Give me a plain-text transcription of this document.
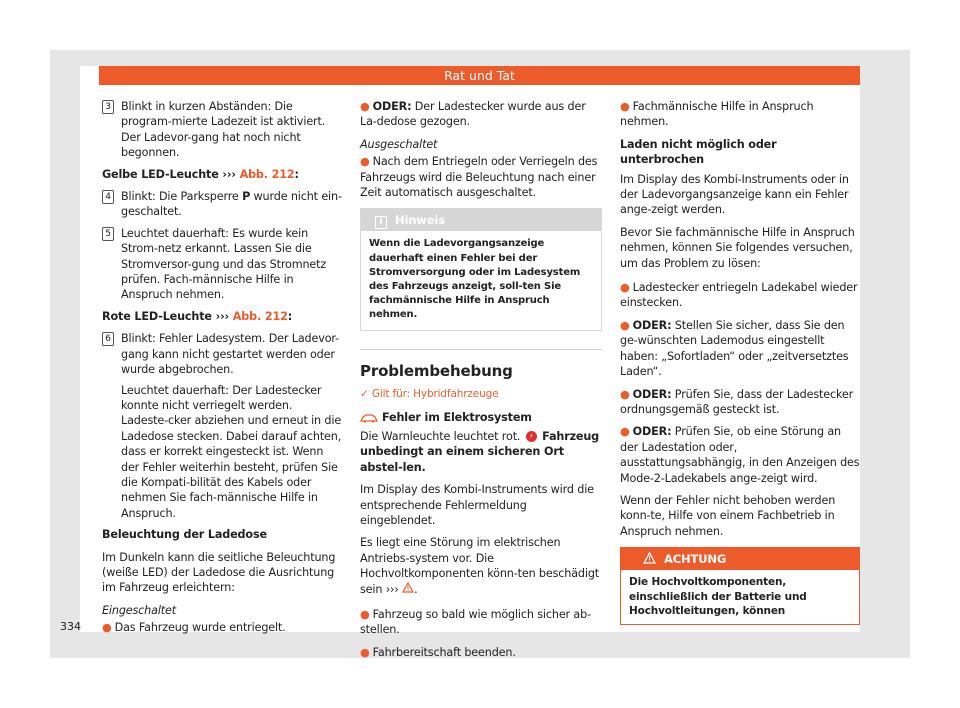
Rat und Tat
3 Blinkt in kurzen Abständen: Die program-mierte Ladezeit ist aktiviert. Der Ladevor-gang hat noch nicht begonnen.

Gelbe LED-Leuchte ››› Abb. 212:

4 Blinkt: Die Parksperre P wurde nicht ein-geschaltet.
5 Leuchtet dauerhaft: Es wurde kein Strom-netz erkannt. Lassen Sie die Stromversor-gung und das Stromnetz prüfen. Fach-männische Hilfe in Anspruch nehmen.

Rote LED-Leuchte ››› Abb. 212:

6 Blinkt: Fehler Ladesystem. Der Ladevor-gang kann nicht gestartet werden oder wurde abgebrochen.
Leuchtet dauerhaft: Der Ladestecker konnte nicht verriegelt werden. Ladeste-cker abziehen und erneut in die Ladedose stecken. Dabei darauf achten, dass er korrekt eingesteckt ist. Wenn der Fehler weiterhin besteht, prüfen Sie die Kompati-bilität des Kabels oder nehmen Sie fach-männische Hilfe in Anspruch.

Beleuchtung der Ladedose

Im Dunkeln kann die seitliche Beleuchtung (weiße LED) der Ladedose die Ausrichtung im Fahrzeug erleichtern:

Eingeschaltet

● Das Fahrzeug wurde entriegelt.

● ODER: Der Ladestecker wurde aus der La-dedose gezogen.

Ausgeschaltet

● Nach dem Entriegeln oder Verriegeln des Fahrzeugs wird die Beleuchtung nach einer Zeit automatisch ausgeschaltet.

i Hinweis
Wenn die Ladevorgangsanzeige dauerhaft einen Fehler bei der Stromversorgung oder im Ladesystem des Fahrzeugs anzeigt, soll-ten Sie fachmännische Hilfe in Anspruch nehmen.
Problembehebung
✓ Gilt für: Hybridfahrzeuge

Fehler im Elektrosystem

Die Warnleuchte leuchtet rot. ⚡ Fahrzeug unbedingt an einem sicheren Ort abstel-len.

Im Display des Kombi-Instruments wird die entsprechende Fehlermeldung eingeblendet.

Es liegt eine Störung im elektrischen Antriebs-system vor. Die Hochvoltkomponenten könn-ten beschädigt sein ››› .

● Fahrzeug so bald wie möglich sicher ab-stellen.

● Fahrbereitschaft beenden.

● Fachmännische Hilfe in Anspruch nehmen.

Laden nicht möglich oder unterbrochen

Im Display des Kombi-Instruments oder in der Ladevorgangsanzeige kann ein Fehler ange-zeigt werden.

Bevor Sie fachmännische Hilfe in Anspruch nehmen, können Sie folgendes versuchen, um das Problem zu lösen:

● Ladestecker entriegeln Ladekabel wieder einstecken.

● ODER: Stellen Sie sicher, dass Sie den ge-wünschten Lademodus eingestellt haben: „Sofortladen“ oder „zeitversetztes Laden“.

● ODER: Prüfen Sie, dass der Ladestecker ordnungsgemäß gesteckt ist.

● ODER: Prüfen Sie, ob eine Störung an der Ladestation oder, ausstattungsabhängig, in den Anzeigen des Mode-2-Ladekabels ange-zeigt wird.

Wenn der Fehler nicht behoben werden konn-te, Hilfe von einem Fachbetrieb in Anspruch nehmen.

ACHTUNG
Die Hochvoltkomponenten, einschließlich der Batterie und Hochvoltleitungen, können
334
